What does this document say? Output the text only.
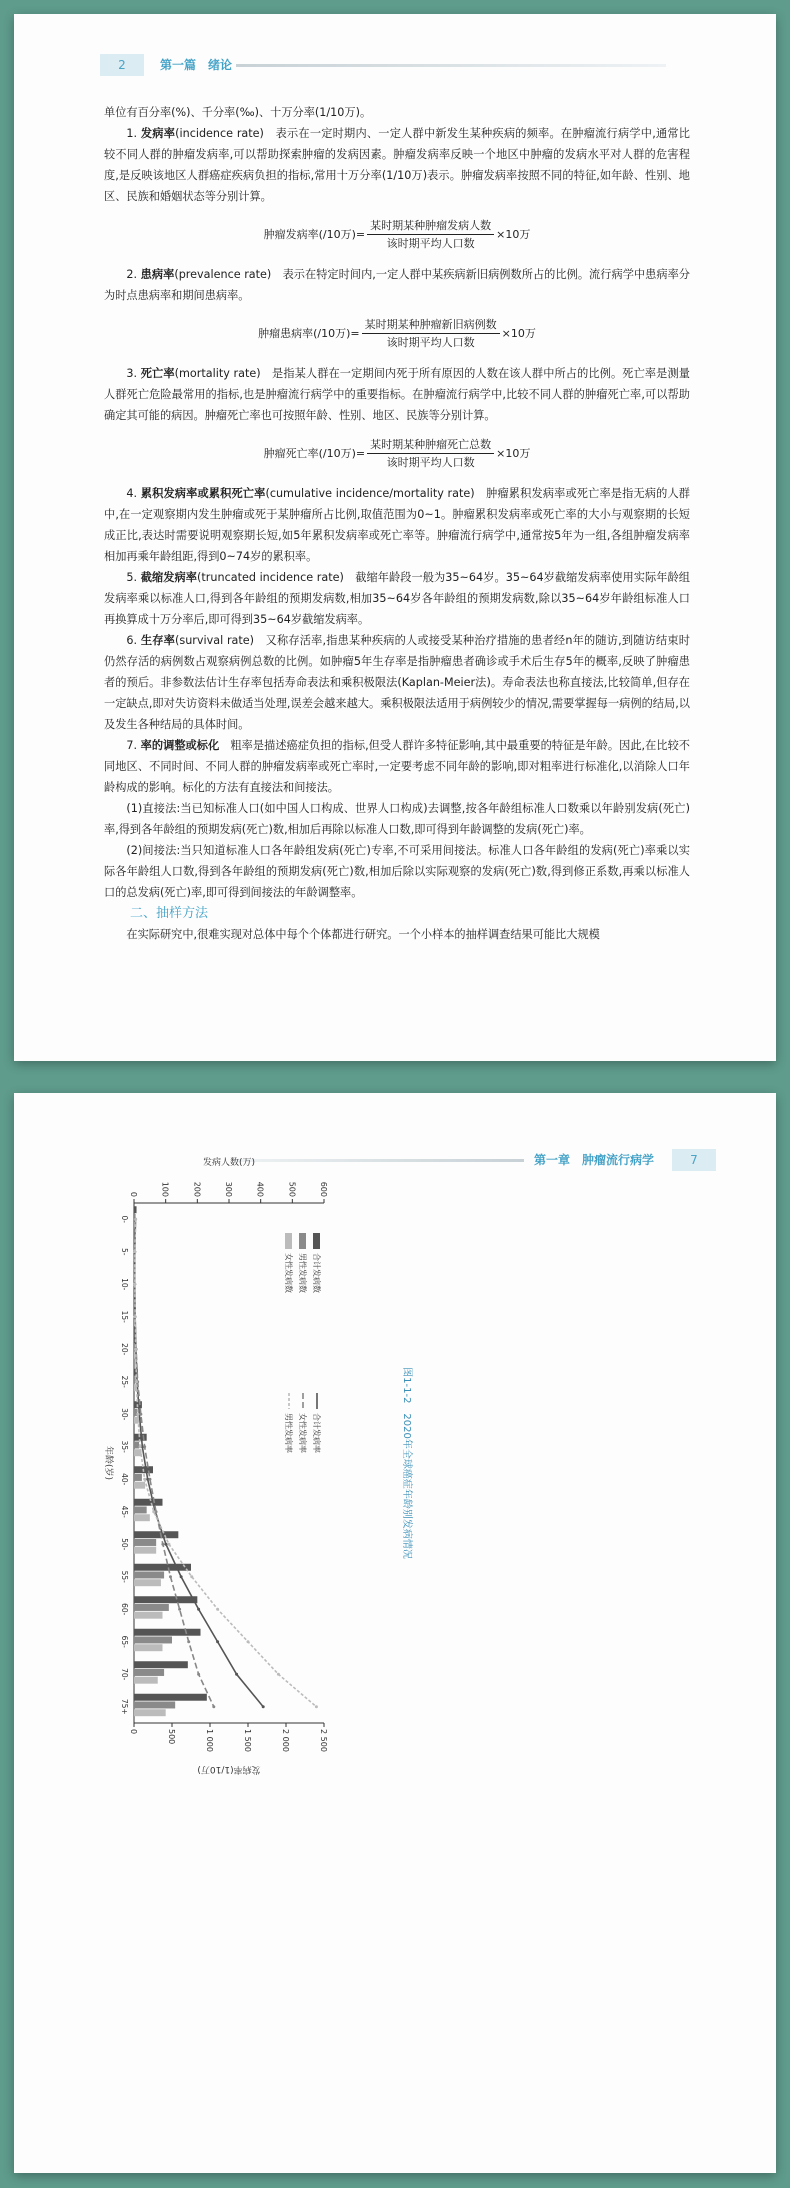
2	第一篇　绪论

单位有百分率(%)、千分率(‰)、十万分率(1/10万)。

1. 发病率(incidence rate)　 表示在一定时期内、一定人群中新发生某种疾病的频率。在肿瘤流行病学中,通常比较不同人群的肿瘤发病率,可以帮助探索肿瘤的发病因素。肿瘤发病率反映一个地区中肿瘤的发病水平对人群的危害程度,是反映该地区人群癌症疾病负担的指标,常用十万分率(1/10万)表示。肿瘤发病率按照不同的特征,如年龄、性别、地区、民族和婚姻状态等分别计算。

肿瘤发病率(/10万)= $\frac{\text{某时期某种肿瘤发病人数}}{\text{该时期平均人口数}} \times 10$万

2. 患病率(prevalence rate)　 表示在特定时间内,一定人群中某疾病新旧病例数所占的比例。流行病学中患病率分为时点患病率和期间患病率。

肿瘤患病率(/10万)= $\frac{\text{某时期某种肿瘤新旧病例数}}{\text{该时期平均人口数}} \times 10$万

3. 死亡率(mortality rate)　 是指某人群在一定期间内死于所有原因的人数在该人群中所占的比例。死亡率是测量人群死亡危险最常用的指标,也是肿瘤流行病学中的重要指标。在肿瘤流行病学中,比较不同人群的肿瘤死亡率,可以帮助确定其可能的病因。肿瘤死亡率也可按照年龄、性别、地区、民族等分别计算。

肿瘤死亡率(/10万)= $\frac{\text{某时期某种肿瘤死亡总数}}{\text{该时期平均人口数}} \times 10$万

4. 累积发病率或累积死亡率(cumulative incidence/mortality rate)　 肿瘤累积发病率或死亡率是指无病的人群中,在一定观察期内发生肿瘤或死于某肿瘤所占比例,取值范围为0~1。肿瘤累积发病率或死亡率的大小与观察期的长短成正比,表达时需要说明观察期长短,如5年累积发病率或死亡率等。肿瘤流行病学中,通常按5年为一组,各组肿瘤发病率相加再乘年龄组距,得到0~74岁的累积率。

5. 截缩发病率(truncated incidence rate)　 截缩年龄段一般为35~64岁。35~64岁截缩发病率使用实际年龄组发病率乘以标准人口,得到各年龄组的预期发病数,相加35~64岁各年龄组的预期发病数,除以35~64岁年龄组标准人口再换算成十万分率后,即可得到35~64岁截缩发病率。

6. 生存率(survival rate)　 又称存活率,指患某种疾病的人或接受某种治疗措施的患者经n年的随访,到随访结束时仍然存活的病例数占观察病例总数的比例。如肿瘤5年生存率是指肿瘤患者确诊或手术后生存5年的概率,反映了肿瘤患者的预后。非参数法估计生存率包括寿命表法和乘积极限法(Kaplan-Meier法)。寿命表法也称直接法,比较简单,但存在一定缺点,即对失访资料未做适当处理,误差会越来越大。乘积极限法适用于病例较少的情况,需要掌握每一病例的结局,以及发生各种结局的具体时间。

7. 率的调整或标化　 粗率是描述癌症负担的指标,但受人群许多特征影响,其中最重要的特征是年龄。因此,在比较不同地区、不同时间、不同人群的肿瘤发病率或死亡率时,一定要考虑不同年龄的影响,即对粗率进行标准化,以消除人口年龄构成的影响。标化的方法有直接法和间接法。

(1)直接法:当已知标准人口(如中国人口构成、世界人口构成)去调整,按各年龄组标准人口数乘以年龄别发病(死亡)率,得到各年龄组的预期发病(死亡)数,相加后再除以标准人口数,即可得到年龄调整的发病(死亡)率。

(2)间接法:当只知道标准人口各年龄组发病(死亡)专率,不可采用间接法。标准人口各年龄组的发病(死亡)率乘以实际各年龄组人口数,得到各年龄组的预期发病(死亡)数,相加后除以实际观察的发病(死亡)数,得到修正系数,再乘以标准人口的总发病(死亡)率,即可得到间接法的年龄调整率。

二、抽样方法

在实际研究中,很难实现对总体中每个个体都进行研究。一个小样本的抽样调查结果可能比大规模

第一章　肿瘤流行病学	7
0	100	200	300	400	500	600
0	500	1 000	1 500	2 000	2 500
0-
5-
10-
15-
20-
25-
30-
35-
40-
45-
50-
55-
60-
65-
70-
75+
年龄(岁)
发病人数(万)
发病率(1/10万)
合计发病数
男性发病数
女性发病数
合计发病率
女性发病率
男性发病率	图1-1-2　2020年全球癌症年龄别发病情况
